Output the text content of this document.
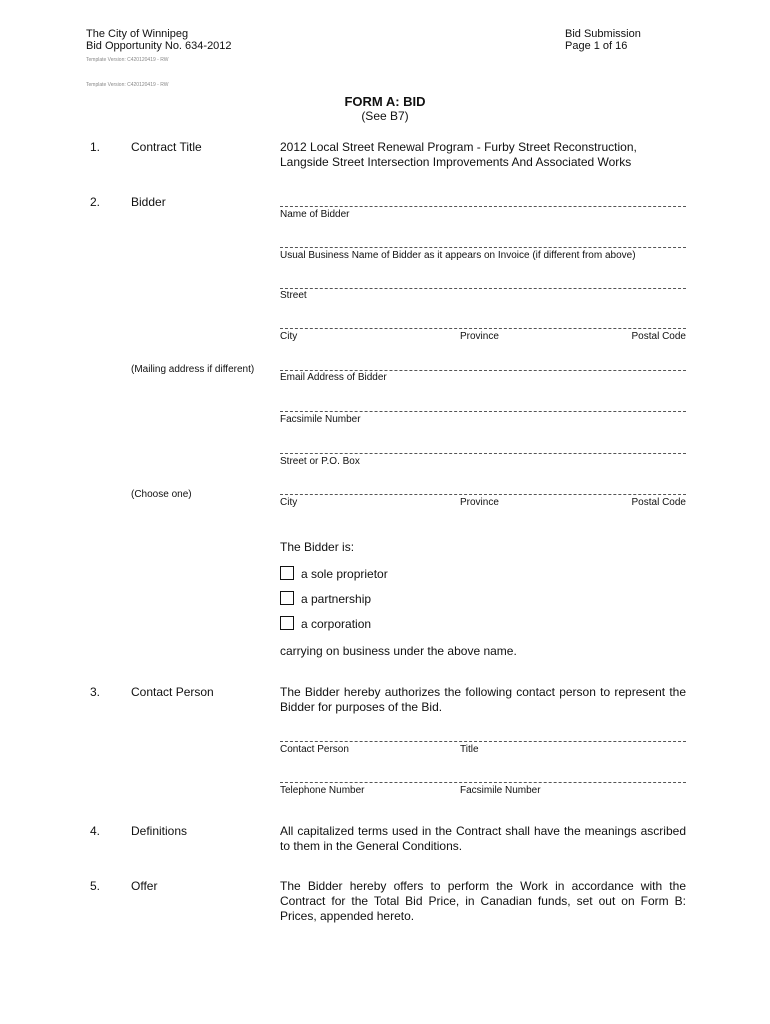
The City of Winnipeg
Bid Opportunity No. 634-2012
Bid Submission
Page 1 of 16
Template Version: C420120419 - RW
Template Version: C420120419 - RW
FORM A: BID
(See B7)
1.	Contract Title	2012 Local Street Renewal Program - Furby Street Reconstruction,
Langside Street Intersection Improvements And Associated Works
2.	Bidder
Name of Bidder
Usual Business Name of Bidder as it appears on Invoice (if different from above)
Street
City	Province	Postal Code
(Mailing address if different)
Email Address of Bidder
Facsimile Number
Street or P.O. Box
(Choose one)
City	Province	Postal Code
The Bidder is:
a sole proprietor
a partnership
a corporation
carrying on business under the above name.
3.	Contact Person	The Bidder hereby authorizes the following contact person to represent the Bidder for purposes of the Bid.
Contact Person	Title
Telephone Number	Facsimile Number
4.	Definitions	All capitalized terms used in the Contract shall have the meanings ascribed to them in the General Conditions.
5.	Offer	The Bidder hereby offers to perform the Work in accordance with the Contract for the Total Bid Price, in Canadian funds, set out on Form B: Prices, appended hereto.
